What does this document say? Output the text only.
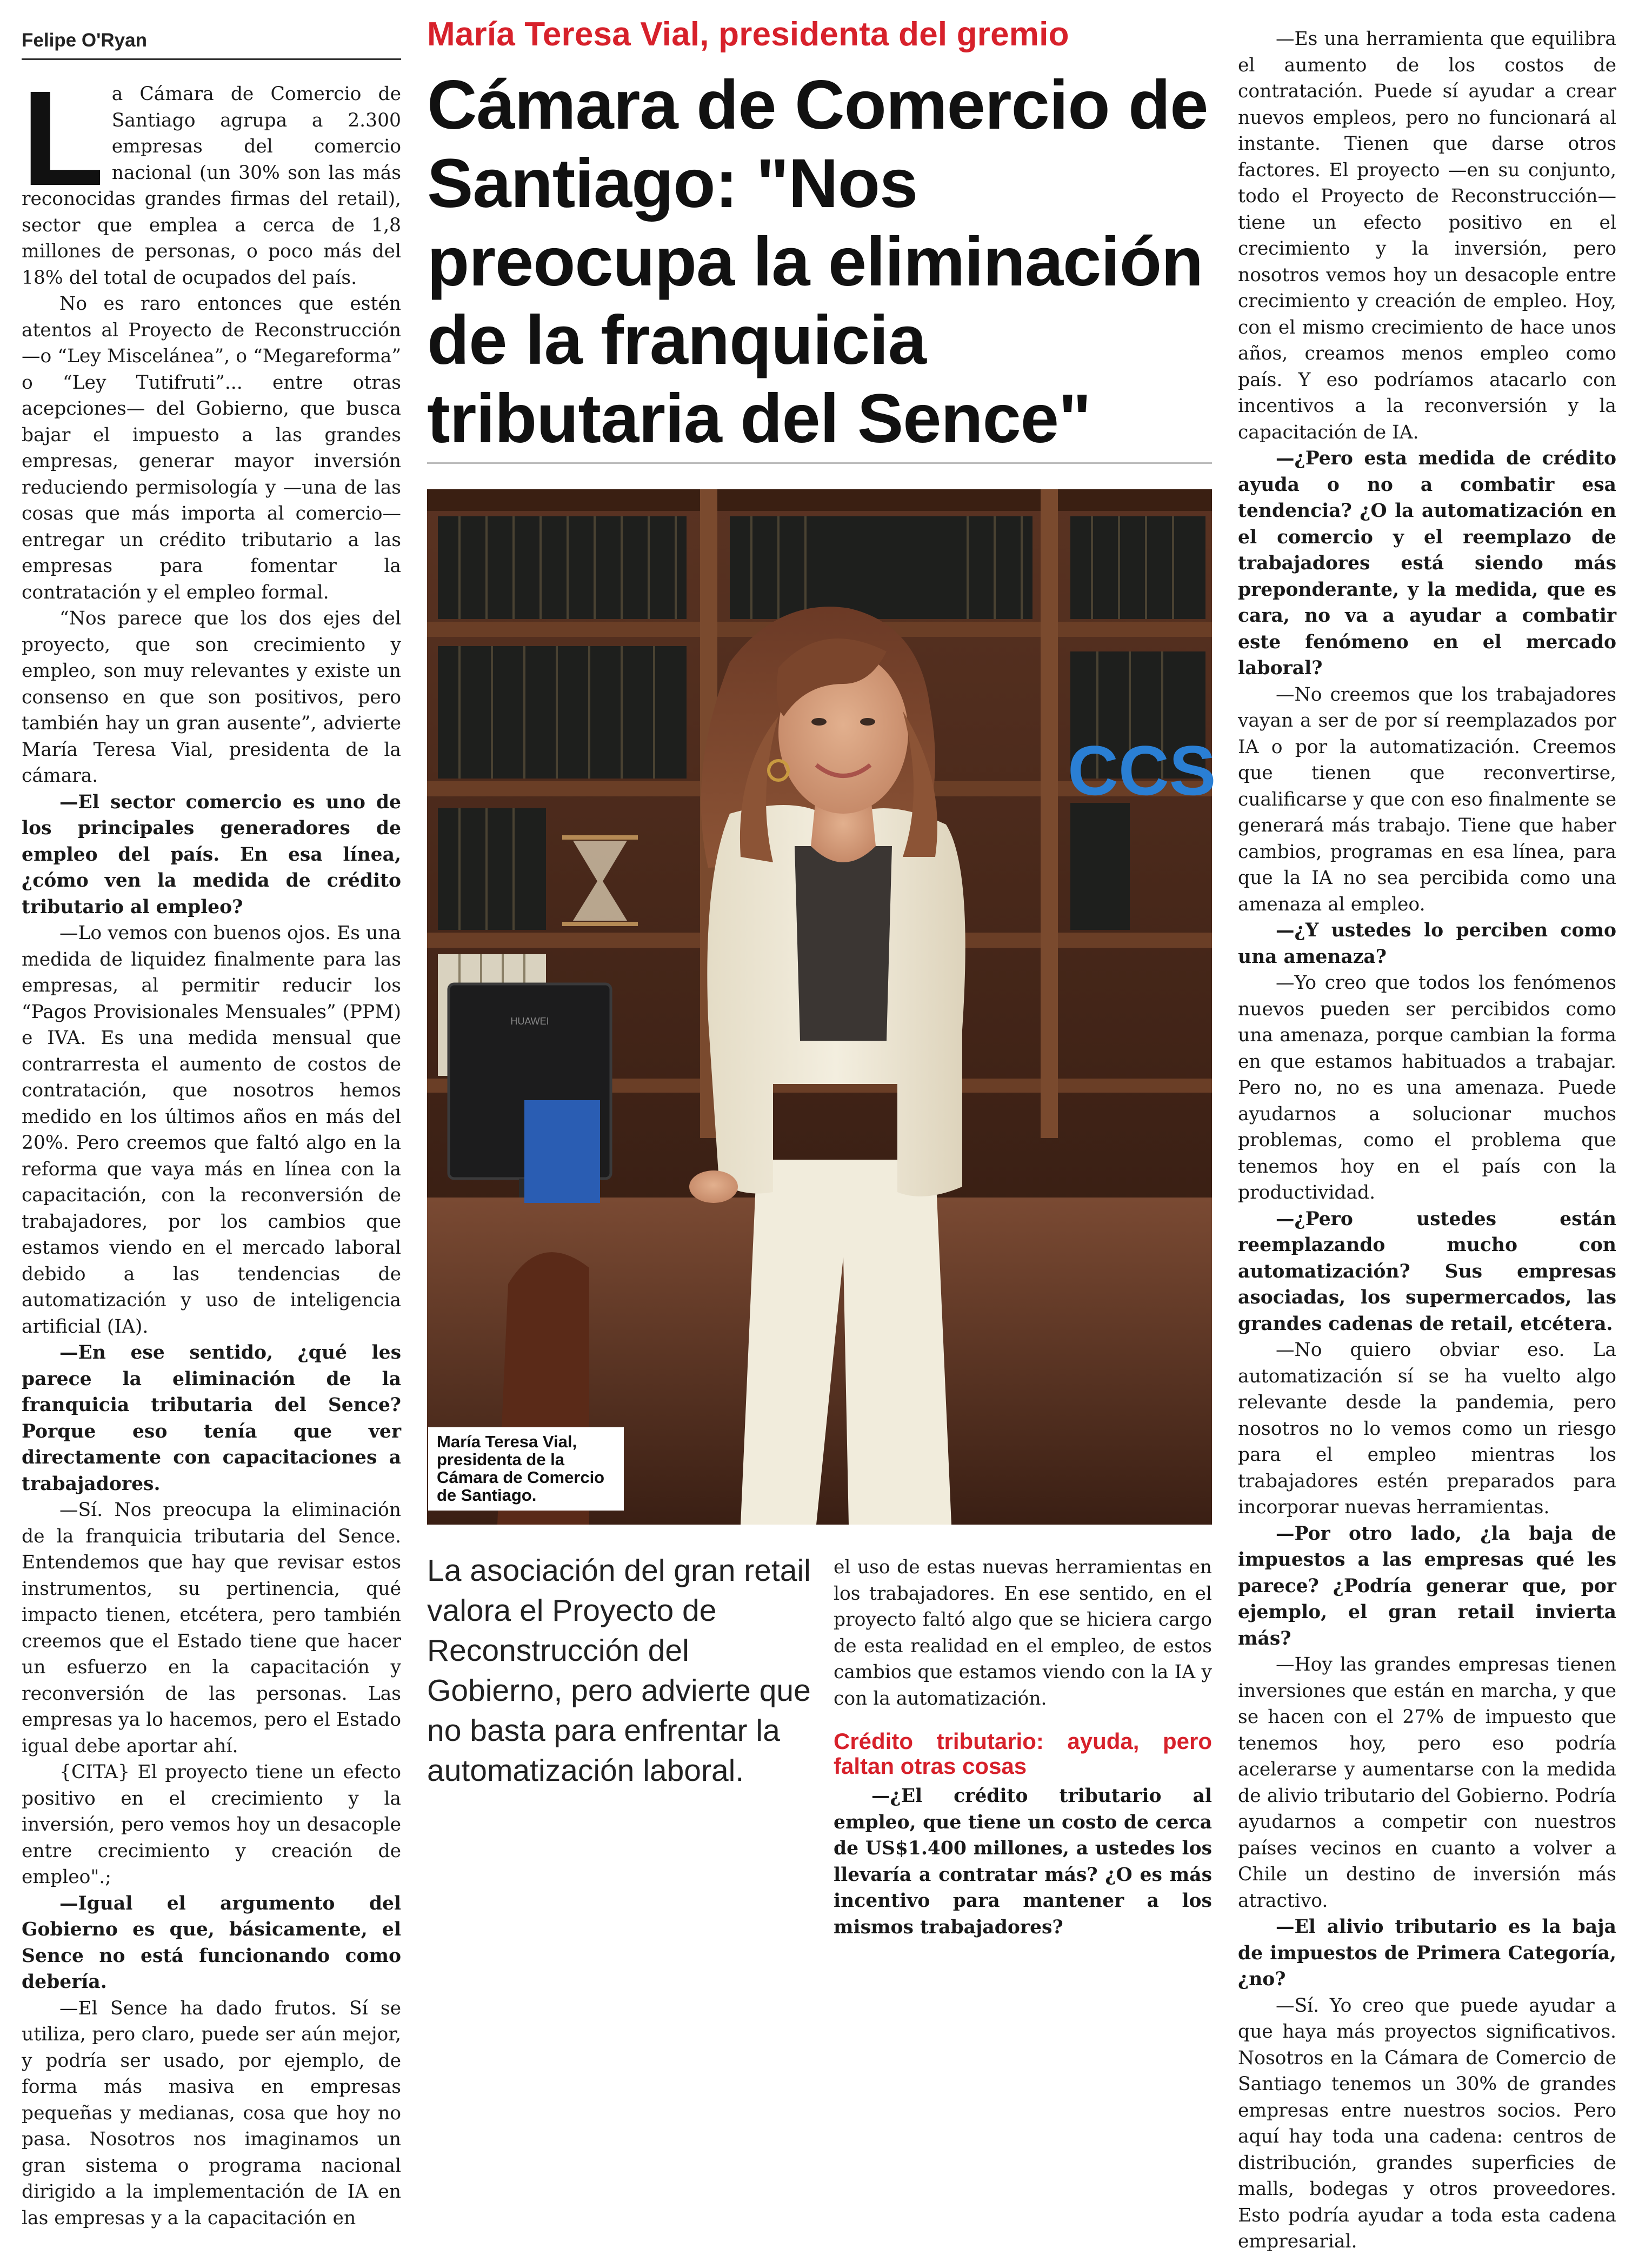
Felipe O'Ryan

La Cámara de Comercio de Santiago agrupa a 2.300 empresas del comercio nacional (un 30% son las más reconocidas grandes firmas del retail), sector que emplea a cerca de 1,8 millones de personas, o poco más del 18% del total de ocupados del país.

No es raro entonces que estén atentos al Proyecto de Reconstrucción —o “Ley Miscelánea”, o “Megareforma” o “Ley Tutifruti”... entre otras acepciones— del Gobierno, que busca bajar el impuesto a las grandes empresas, generar mayor inversión reduciendo permisología y —una de las cosas que más importa al comercio— entregar un crédito tributario a las empresas para fomentar la contratación y el empleo formal.

“Nos parece que los dos ejes del proyecto, que son crecimiento y empleo, son muy relevantes y existe un consenso en que son positivos, pero también hay un gran ausente”, advierte María Teresa Vial, presidenta de la cámara.

—El sector comercio es uno de los principales generadores de empleo del país. En esa línea, ¿cómo ven la medida de crédito tributario al empleo?

—Lo vemos con buenos ojos. Es una medida de liquidez finalmente para las empresas, al permitir reducir los “Pagos Provisionales Mensuales” (PPM) e IVA. Es una medida mensual que contrarresta el aumento de costos de contratación, que nosotros hemos medido en los últimos años en más del 20%. Pero creemos que faltó algo en la reforma que vaya más en línea con la capacitación, con la reconversión de trabajadores, por los cambios que estamos viendo en el mercado laboral debido a las tendencias de automatización y uso de inteligencia artificial (IA).

—En ese sentido, ¿qué les parece la eliminación de la franquicia tributaria del Sence? Porque eso tenía que ver directamente con capacitaciones a trabajadores.

—Sí. Nos preocupa la eliminación de la franquicia tributaria del Sence. Entendemos que hay que revisar estos instrumentos, su pertinencia, qué impacto tienen, etcétera, pero también creemos que el Estado tiene que hacer un esfuerzo en la capacitación y reconversión de las personas. Las empresas ya lo hacemos, pero el Estado igual debe aportar ahí.

{CITA} El proyecto tiene un efecto positivo en el crecimiento y la inversión, pero vemos hoy un desacople entre crecimiento y creación de empleo".;

—Igual el argumento del Gobierno es que, básicamente, el Sence no está funcionando como debería.

—El Sence ha dado frutos. Sí se utiliza, pero claro, puede ser aún mejor, y podría ser usado, por ejemplo, de forma más masiva en empresas pequeñas y medianas, cosa que hoy no pasa. Nosotros nos imaginamos un gran sistema o programa nacional dirigido a la implementación de IA en las empresas y a la capacitación en

María Teresa Vial, presidenta del gremio
Cámara de Comercio de Santiago: "Nos preocupa la eliminación de la franquicia tributaria del Sence"
CCS
HUAWEI
María Teresa Vial, presidenta de la Cámara de Comercio de Santiago.
La asociación del gran retail valora el Proyecto de Reconstrucción del Gobierno, pero advierte que no basta para enfrentar la automatización laboral.

el uso de estas nuevas herramientas en los trabajadores. En ese sentido, en el proyecto faltó algo que se hiciera cargo de esta realidad en el empleo, de estos cambios que estamos viendo con la IA y con la automatización.

Crédito tributario: ayuda, pero faltan otras cosas

—¿El crédito tributario al empleo, que tiene un costo de cerca de US$1.400 millones, a ustedes los llevaría a contratar más? ¿O es más incentivo para mantener a los mismos trabajadores?

—Es una herramienta que equilibra el aumento de los costos de contratación. Puede sí ayudar a crear nuevos empleos, pero no funcionará al instante. Tienen que darse otros factores. El proyecto —en su conjunto, todo el Proyecto de Reconstrucción— tiene un efecto positivo en el crecimiento y la inversión, pero nosotros vemos hoy un desacople entre crecimiento y creación de empleo. Hoy, con el mismo crecimiento de hace unos años, creamos menos empleo como país. Y eso podríamos atacarlo con incentivos a la reconversión y la capacitación de IA.

—¿Pero esta medida de crédito ayuda o no a combatir esa tendencia? ¿O la automatización en el comercio y el reemplazo de trabajadores está siendo más preponderante, y la medida, que es cara, no va a ayudar a combatir este fenómeno en el mercado laboral?

—No creemos que los trabajadores vayan a ser de por sí reemplazados por IA o por la automatización. Creemos que tienen que reconvertirse, cualificarse y que con eso finalmente se generará más trabajo. Tiene que haber cambios, programas en esa línea, para que la IA no sea percibida como una amenaza al empleo.

—¿Y ustedes lo perciben como una amenaza?

—Yo creo que todos los fenómenos nuevos pueden ser percibidos como una amenaza, porque cambian la forma en que estamos habituados a trabajar. Pero no, no es una amenaza. Puede ayudarnos a solucionar muchos problemas, como el problema que tenemos hoy en el país con la productividad.

—¿Pero ustedes están reemplazando mucho con automatización? Sus empresas asociadas, los supermercados, las grandes cadenas de retail, etcétera.

—No quiero obviar eso. La automatización sí se ha vuelto algo relevante desde la pandemia, pero nosotros no lo vemos como un riesgo para el empleo mientras los trabajadores estén preparados para incorporar nuevas herramientas.

—Por otro lado, ¿la baja de impuestos a las empresas qué les parece? ¿Podría generar que, por ejemplo, el gran retail invierta más?

—Hoy las grandes empresas tienen inversiones que están en marcha, y que se hacen con el 27% de impuesto que tenemos hoy, pero eso podría acelerarse y aumentarse con la medida de alivio tributario del Gobierno. Podría ayudarnos a competir con nuestros países vecinos en cuanto a volver a Chile un destino de inversión más atractivo.

—El alivio tributario es la baja de impuestos de Primera Categoría, ¿no?

—Sí. Yo creo que puede ayudar a que haya más proyectos significativos. Nosotros en la Cámara de Comercio de Santiago tenemos un 30% de grandes empresas entre nuestros socios. Pero aquí hay toda una cadena: centros de distribución, grandes superficies de malls, bodegas y otros proveedores. Esto podría ayudar a toda esta cadena empresarial.
